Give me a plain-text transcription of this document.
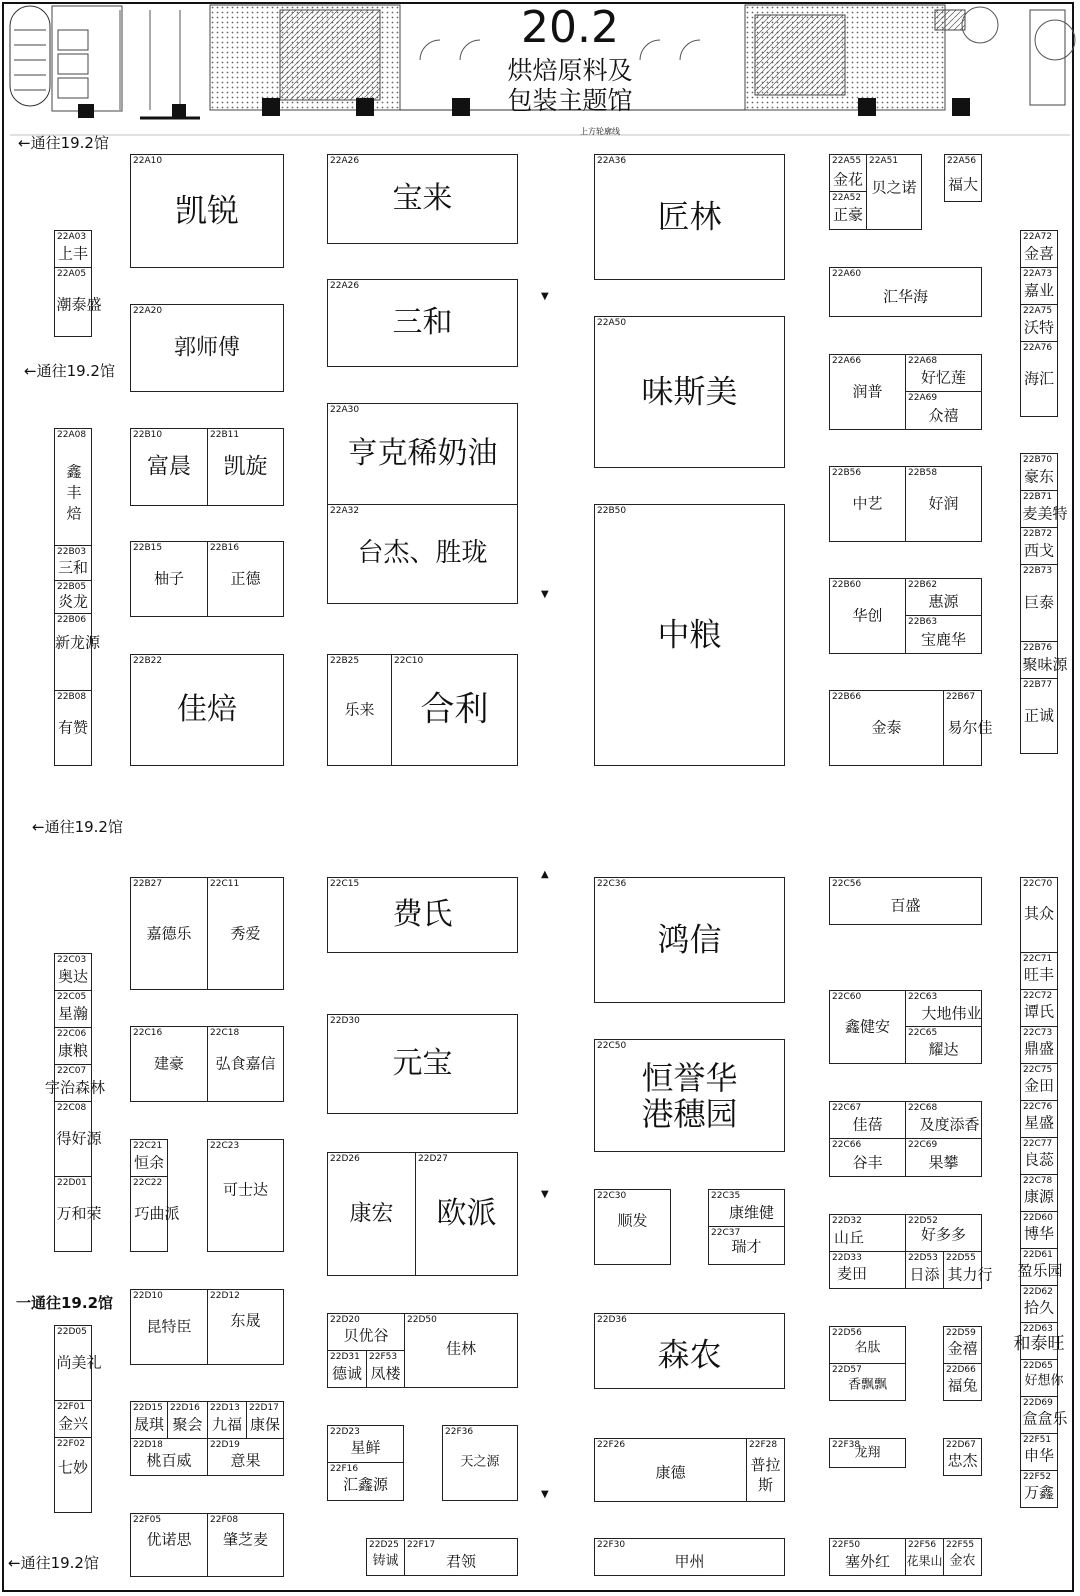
20.2
烘焙原料及
包装主题馆
上方轮廓线
←通往19.2馆
←通往19.2馆
←通往19.2馆
一通往19.2馆
←通往19.2馆
▼
▼
▲
▼
▼
22A10
凯锐
22A03
上丰
22A05
潮泰盛	22A20
郭师傅
22A08
鑫丰焙
22B03
三和
22B05
炎龙
22B06
新龙源
22B08
有赞
22B10
富晨
22B11
凯旋
22B15
柚子
22B16
正德
22B22
佳焙
22A26
宝来
22A26
三和
22A30
亨克稀奶油
22A32
台杰、胜珑
22B25
乐来
22C10
合利
22A36
匠林
22A50
味斯美
22B50
中粮
22A55
金花
22A51
贝之诺
22A52
正豪
22A56
福大
22A60
汇华海
22A66
润普
22A68
好忆莲
22A69
众禧
22B56
中艺
22B58
好润
22B60
华创
22B62
惠源
22B63
宝鹿华
22B66
金泰
22B67
易尔佳
22A72
金喜
22A73
嘉业
22A75
沃特
22A76
海汇
22B70
豪东
22B71
麦美特
22B72
西戈
22B73
巨泰
22B76
聚味源
22B77
正诚
22C03
奥达
22C05
星瀚
22C06
康粮
22C07
宇治森林
22C08
得好源
22D01
万和荣
22D05
尚美礼
22F01
金兴
22F02
七妙
22B27
嘉德乐
22C11
秀爱
22C16
建豪
22C18
弘食嘉信
22C21
恒余
22C22
巧曲派
22C23
可士达
22D10
昆特臣
22D12
东晟
22D15
晟琪
22D16
聚会
22D13
九福
22D17
康保
22D18
桃百威
22D19
意果
22F05
优诺思
22F08
肇芝麦
22C15
费氏
22D30
元宝
22D26
康宏
22D27
欧派
22D20
贝优谷
22D31
德诚
22F53
凤楼
22D50
佳林
22D23
星鲜
22F16
汇鑫源
22F36
天之源
22D25
铸诚
22F17
君领
22C36
鸿信
22C50
恒誉华
港穗园
22C30
顺发
22C35
康维健
22C37
瑞才
22D36
森农
22F26
康德
22F28
普拉
斯
22F30
甲州
22C56
百盛
22C60
鑫健安
22C63
大地伟业
22C65
耀达
22C67
佳蓓
22C68
及度添香
22C66
谷丰
22C69
果攀
22D32
山丘
22D52
好多多
22D33
麦田
22D53
日添
22D55
其力行
22D56
名肽
22D57
香飘飘
22D59
金禧
22D66
福兔
22F38
龙翔
22D67
忠杰
22F50
塞外红
22F56
花果山
22F55
金农
22C70
其众
22C71
旺丰
22C72
谭氏
22C73
鼎盛
22C75
金田
22C76
星盛
22C77
良蕊
22C78
康源
22D60
博华
22D61
盈乐园
22D62
拾久
22D63
和泰旺
22D65
好想你
22D69
盒盒乐
22F51
申华
22F52
万鑫
